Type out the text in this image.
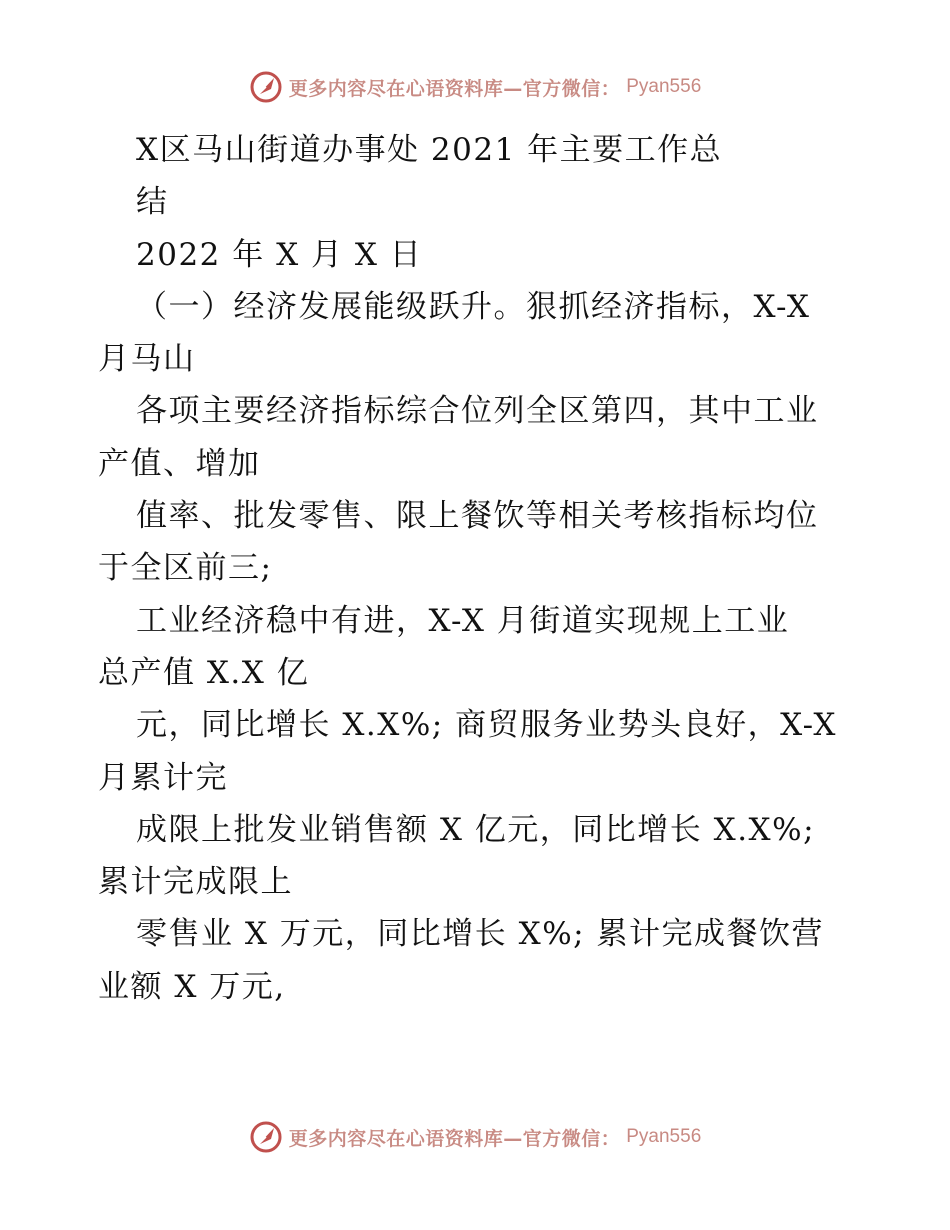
更多内容尽在心语资料库—官方微信： Pyan556
X区马山街道办事处 2021 年主要工作总
结
2022 年 X 月 X 日
（一）经济发展能级跃升。狠抓经济指标，X-X
月马山
各项主要经济指标综合位列全区第四，其中工业
产值、增加
值率、批发零售、限上餐饮等相关考核指标均位
于全区前三;
工业经济稳中有进，X-X 月街道实现规上工业
总产值 X.X 亿
元，同比增长 X.X%; 商贸服务业势头良好，X-X
月累计完
成限上批发业销售额 X 亿元，同比增长 X.X%;
累计完成限上
零售业 X 万元，同比增长 X%; 累计完成餐饮营
业额 X 万元,
更多内容尽在心语资料库—官方微信： Pyan556
